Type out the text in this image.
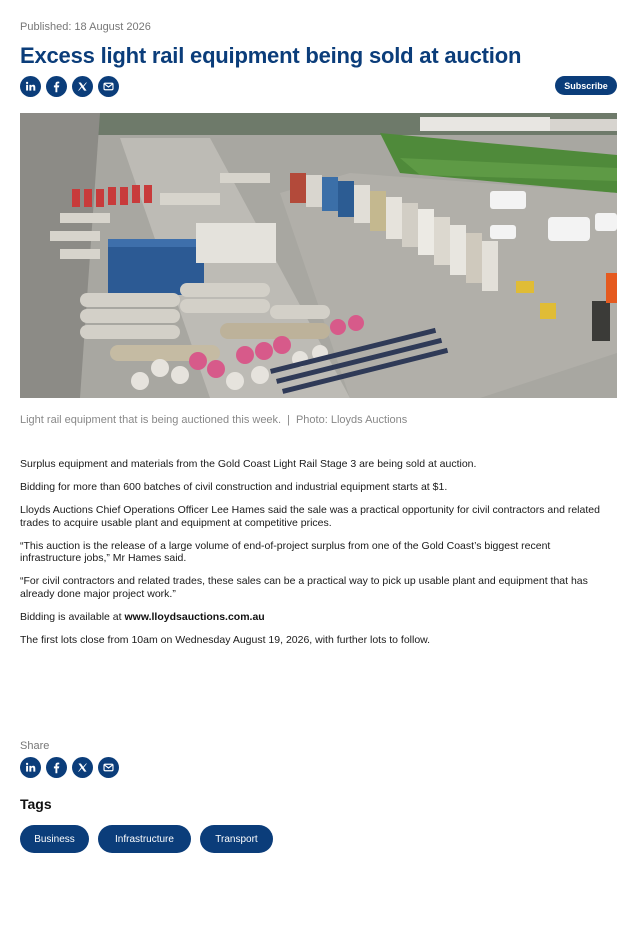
Published: 18 August 2026
Excess light rail equipment being sold at auction
Subscribe
Light rail equipment that is being auctioned this week. | Photo: Lloyds Auctions

Surplus equipment and materials from the Gold Coast Light Rail Stage 3 are being sold at auction.

Bidding for more than 600 batches of civil construction and industrial equipment starts at $1.

Lloyds Auctions Chief Operations Officer Lee Hames said the sale was a practical opportunity for civil contractors and related trades to acquire usable plant and equipment at competitive prices.

“This auction is the release of a large volume of end-of-project surplus from one of the Gold Coast’s biggest recent infrastructure jobs,” Mr Hames said.

“For civil contractors and related trades, these sales can be a practical way to pick up usable plant and equipment that has already done major project work.”

Bidding is available at www.lloydsauctions.com.au

The first lots close from 10am on Wednesday August 19, 2026, with further lots to follow.

Share
Tags
Business	Infrastructure	Transport
